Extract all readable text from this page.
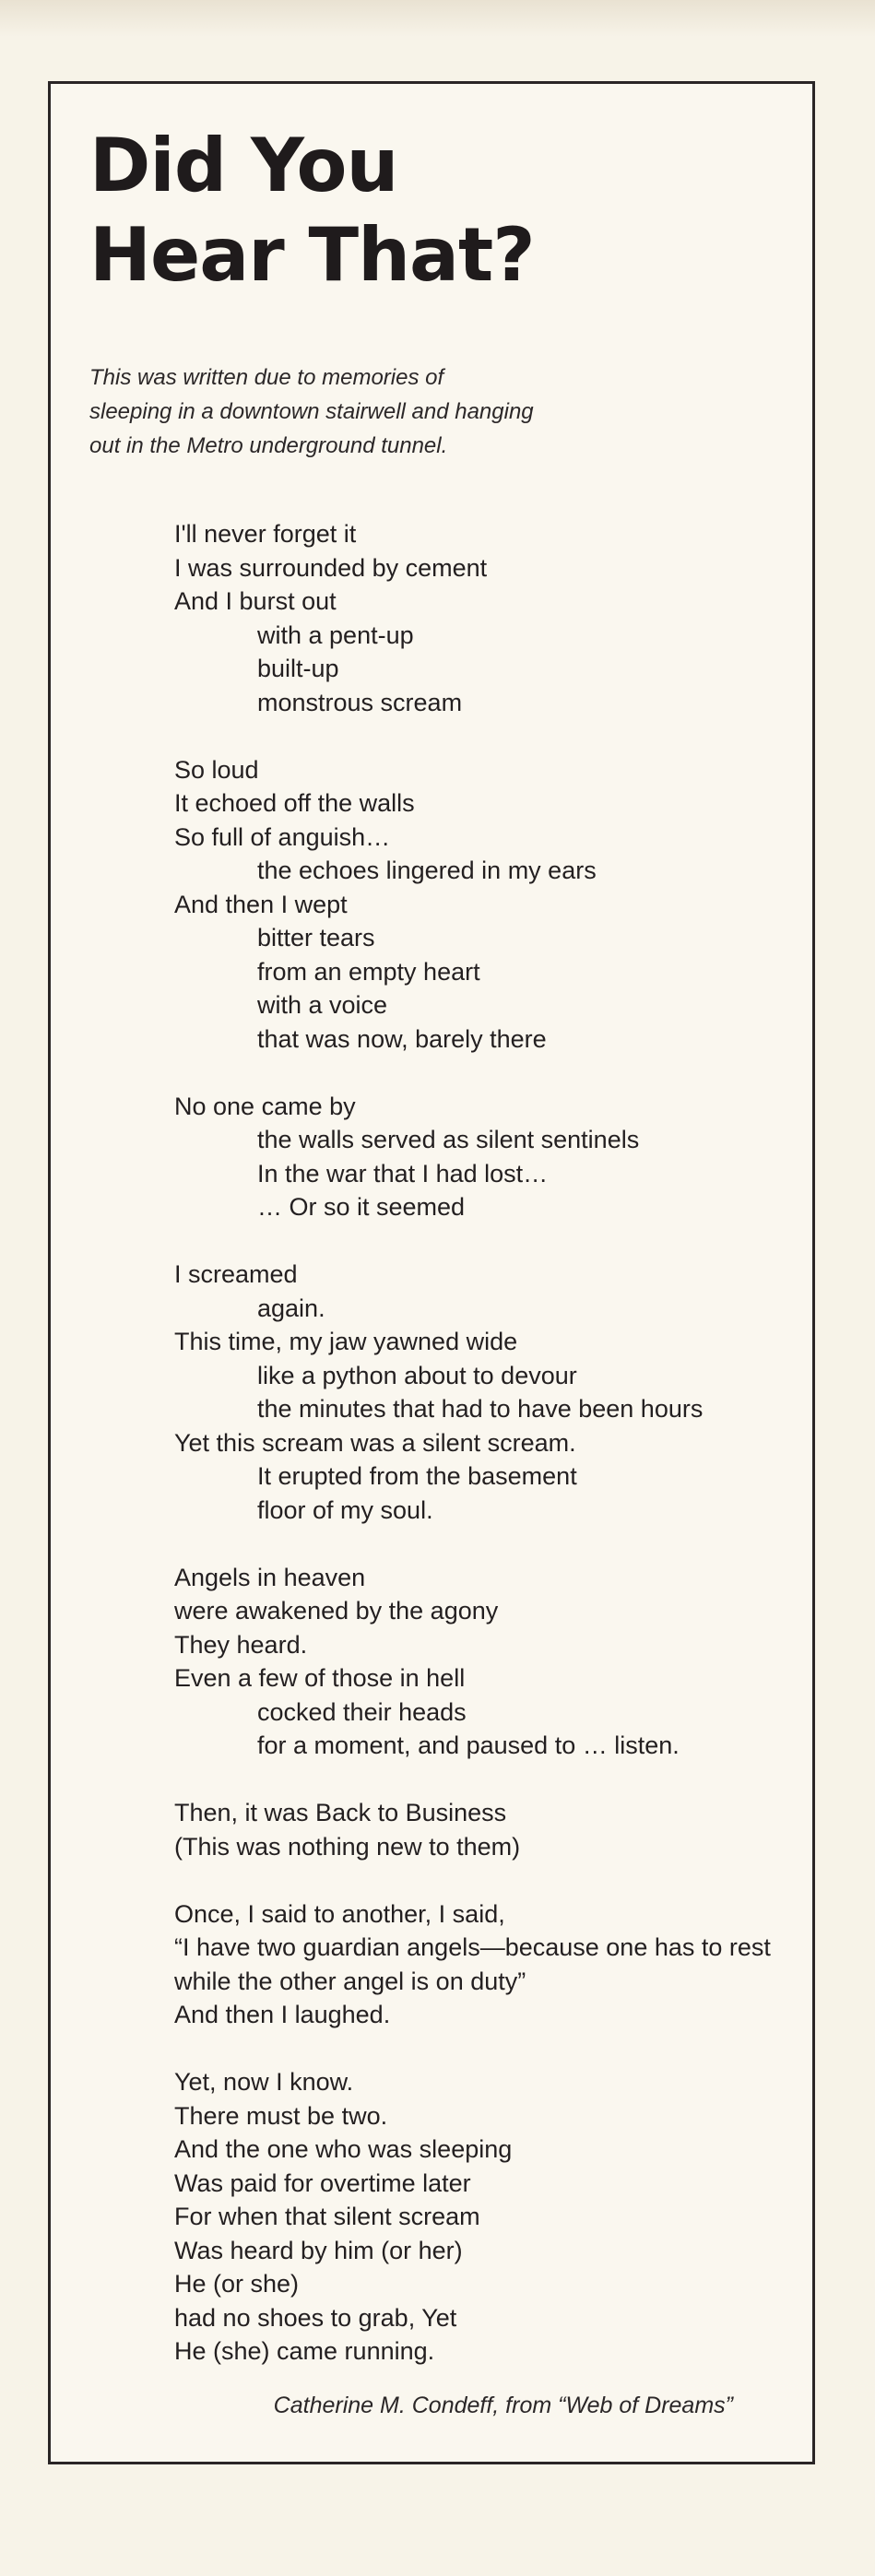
Did You
Hear That?

This was written due to memories of
sleeping in a downtown stairwell and hanging
out in the Metro underground tunnel.

I'll never forget it
I was surrounded by cement
And I burst out
with a pent-up
built-up
monstrous scream
So loud
It echoed off the walls
So full of anguish…
the echoes lingered in my ears
And then I wept
bitter tears
from an empty heart
with a voice
that was now, barely there
No one came by
the walls served as silent sentinels
In the war that I had lost…
… Or so it seemed
I screamed
again.
This time, my jaw yawned wide
like a python about to devour
the minutes that had to have been hours
Yet this scream was a silent scream.
It erupted from the basement
floor of my soul.
Angels in heaven
were awakened by the agony
They heard.
Even a few of those in hell
cocked their heads
for a moment, and paused to … listen.
Then, it was Back to Business
(This was nothing new to them)
Once, I said to another, I said,
“I have two guardian angels—because one has to rest
while the other angel is on duty”
And then I laughed.
Yet, now I know.
There must be two.
And the one who was sleeping
Was paid for overtime later
For when that silent scream
Was heard by him (or her)
He (or she)
had no shoes to grab, Yet
He (she) came running.

Catherine M. Condeff, from “Web of Dreams”
